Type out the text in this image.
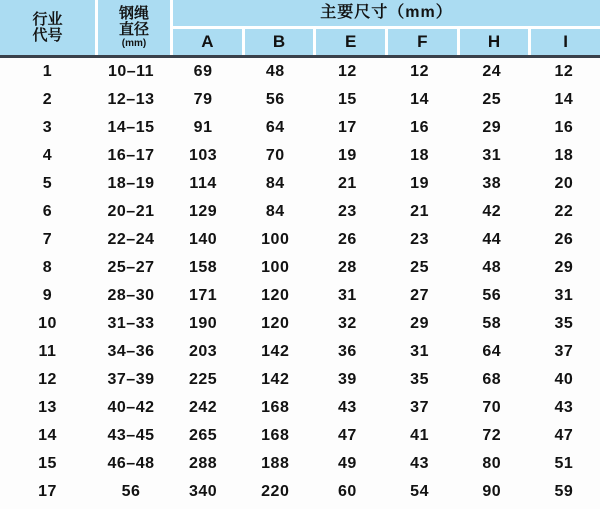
行业
代号
钢绳
直径
(mm)
主要尺寸（mm）
A	B	E	F	H	I
1	10–11	69	48	12	12	24	12
2	12–13	79	56	15	14	25	14
3	14–15	91	64	17	16	29	16
4	16–17	103	70	19	18	31	18
5	18–19	114	84	21	19	38	20
6	20–21	129	84	23	21	42	22
7	22–24	140	100	26	23	44	26
8	25–27	158	100	28	25	48	29
9	28–30	171	120	31	27	56	31
10	31–33	190	120	32	29	58	35
11	34–36	203	142	36	31	64	37
12	37–39	225	142	39	35	68	40
13	40–42	242	168	43	37	70	43
14	43–45	265	168	47	41	72	47
15	46–48	288	188	49	43	80	51
17	56	340	220	60	54	90	59
